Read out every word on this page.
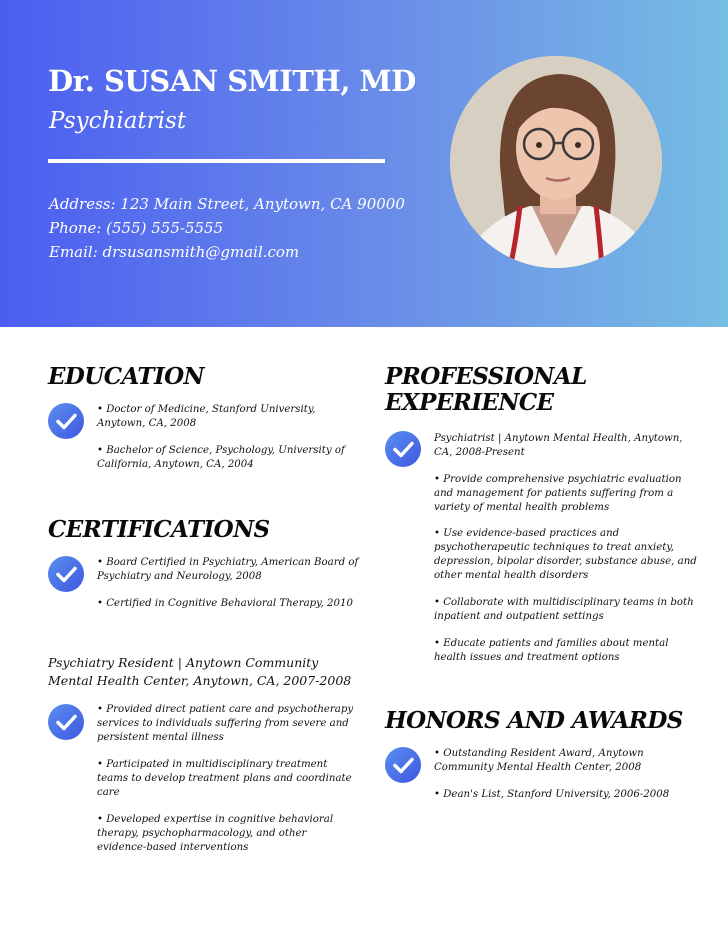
Dr. SUSAN SMITH, MD
Psychiatrist
Address: 123 Main Street, Anytown, CA 90000
Phone: (555) 555-5555
Email: drsusansmith@gmail.com
EDUCATION
• Doctor of Medicine, Stanford University,
Anytown, CA, 2008
• Bachelor of Science, Psychology, University of
California, Anytown, CA, 2004
CERTIFICATIONS
• Board Certified in Psychiatry, American Board of
Psychiatry and Neurology, 2008
• Certified in Cognitive Behavioral Therapy, 2010
Psychiatry Resident | Anytown Community
Mental Health Center, Anytown, CA, 2007-2008
• Provided direct patient care and psychotherapy
services to individuals suffering from severe and
persistent mental illness
• Participated in multidisciplinary treatment
teams to develop treatment plans and coordinate
care
• Developed expertise in cognitive behavioral
therapy, psychopharmacology, and other
evidence-based interventions
PROFESSIONAL
EXPERIENCE
Psychiatrist | Anytown Mental Health, Anytown,
CA, 2008-Present
• Provide comprehensive psychiatric evaluation
and management for patients suffering from a
variety of mental health problems
• Use evidence-based practices and
psychotherapeutic techniques to treat anxiety,
depression, bipolar disorder, substance abuse, and
other mental health disorders
• Collaborate with multidisciplinary teams in both
inpatient and outpatient settings
• Educate patients and families about mental
health issues and treatment options
HONORS AND AWARDS
• Outstanding Resident Award, Anytown
Community Mental Health Center, 2008
• Dean's List, Stanford University, 2006-2008
